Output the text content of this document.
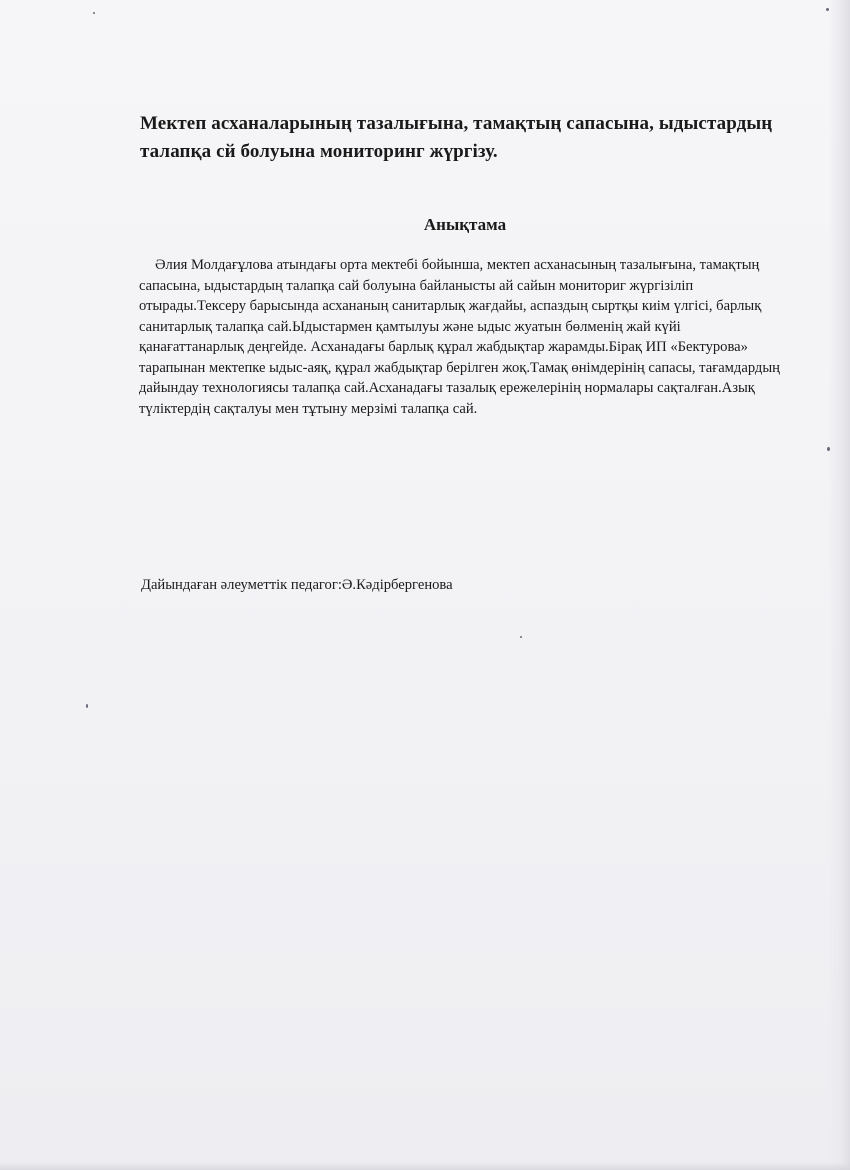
Мектеп асханаларының тазалығына, тамақтың сапасына, ыдыстардың талапқа сй болуына мониторинг жүргізу.
Анықтама
Әлия Молдағұлова атындағы орта мектебі бойынша, мектеп асханасының тазалығына, тамақтың сапасына, ыдыстардың талапқа сай болуына байланысты ай сайын мониториг жүргізіліп отырады.Тексеру барысында асхананың санитарлық жағдайы, аспаздың сыртқы киім үлгісі, барлық санитарлық талапқа сай.Ыдыстармен қамтылуы және ыдыс жуатын бөлменің жай күйі қанағаттанарлық деңгейде. Асханадағы барлық құрал жабдықтар жарамды.Бірақ ИП «Бектурова» тарапынан мектепке ыдыс-аяқ, құрал жабдықтар берілген жоқ.Тамақ өнімдерінің сапасы, тағамдардың дайындау технологиясы талапқа сай.Асханадағы тазалық ережелерінің нормалары сақталған.Азық түліктердің сақталуы мен тұтыну мерзімі талапқа сай.
Дайындаған әлеуметтік педагог:Ә.Кәдірбергенова
